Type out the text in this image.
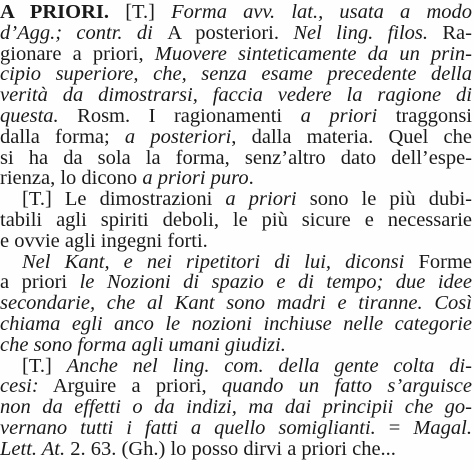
A PRIORI. [T.] Forma avv. lat., usata a modo
d’Agg.; contr. di A posteriori. Nel ling. filos. Ra-
gionare a priori, Muovere sinteticamente da un prin-
cipio superiore, che, senza esame precedente della
verità da dimostrarsi, faccia vedere la ragione di
questa. Rosm. I ragionamenti a priori traggonsi
dalla forma; a posteriori, dalla materia. Quel che
si ha da sola la forma, senz’altro dato dell’espe-
rienza, lo dicono a priori puro.
[T.] Le dimostrazioni a priori sono le più dubi-
tabili agli spiriti deboli, le più sicure e necessarie
e ovvie agli ingegni forti.
Nel Kant, e nei ripetitori di lui, diconsi Forme
a priori le Nozioni di spazio e di tempo; due idee
secondarie, che al Kant sono madri e tiranne. Così
chiama egli anco le nozioni inchiuse nelle categorie
che sono forma agli umani giudizi.
[T.] Anche nel ling. com. della gente colta di-
cesi: Arguire a priori, quando un fatto s’arguisce
non da effetti o da indizi, ma dai principii che go-
vernano tutti i fatti a quello somiglianti. = Magal.
Lett. At. 2. 63. (Gh.) lo posso dirvi a priori che...
